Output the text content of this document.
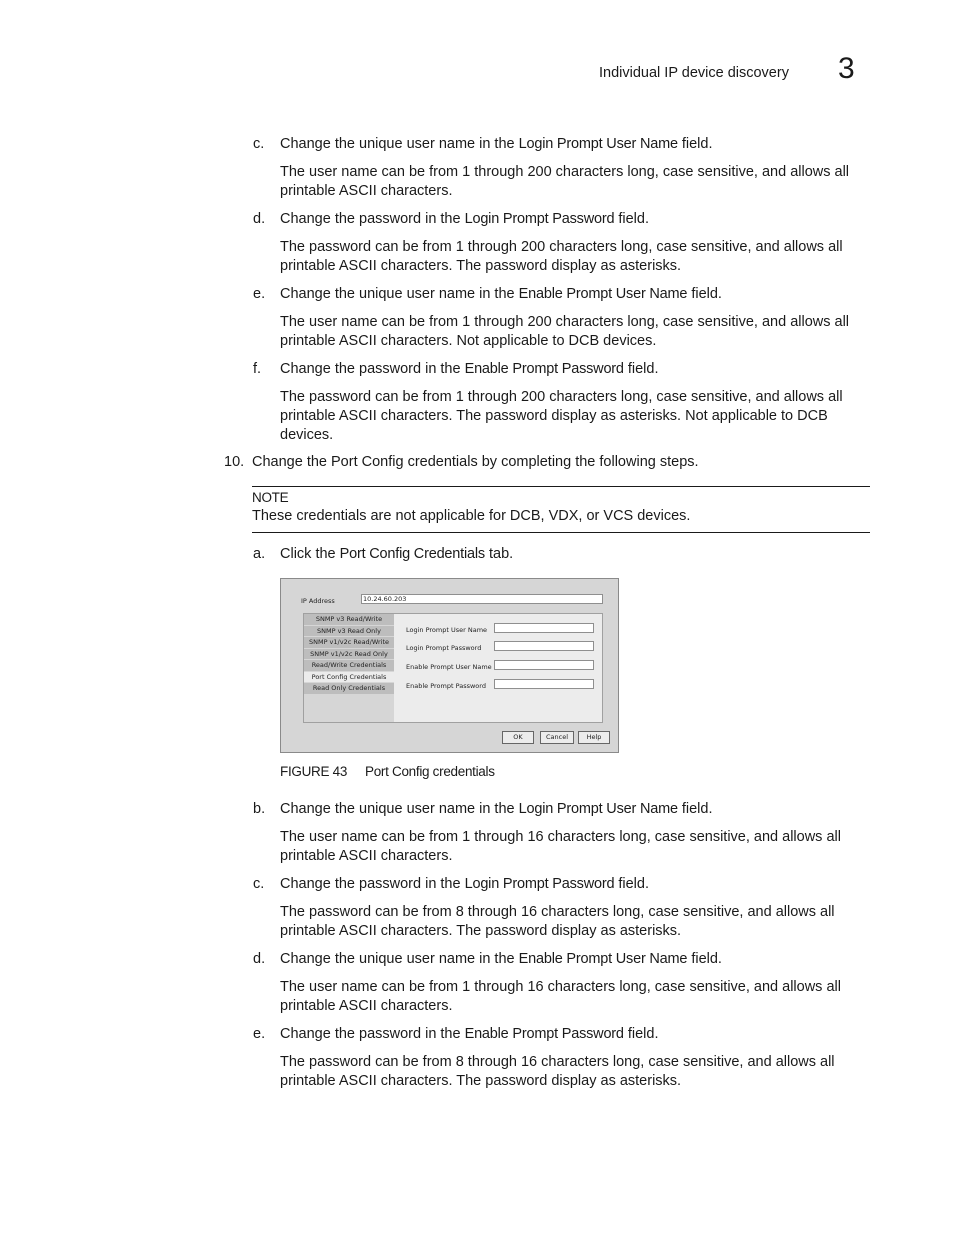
Individual IP device discovery 3
c. Change the unique user name in the Login Prompt User Name field.
The user name can be from 1 through 200 characters long, case sensitive, and allows all printable ASCII characters.
d. Change the password in the Login Prompt Password field.
The password can be from 1 through 200 characters long, case sensitive, and allows all printable ASCII characters. The password display as asterisks.
e. Change the unique user name in the Enable Prompt User Name field.
The user name can be from 1 through 200 characters long, case sensitive, and allows all printable ASCII characters. Not applicable to DCB devices.
f. Change the password in the Enable Prompt Password field.
The password can be from 1 through 200 characters long, case sensitive, and allows all printable ASCII characters. The password display as asterisks. Not applicable to DCB devices.
10. Change the Port Config credentials by completing the following steps.
NOTE
These credentials are not applicable for DCB, VDX, or VCS devices.
a. Click the Port Config Credentials tab.
IP Address	10.24.60.203
SNMP v3 Read/Write
SNMP v3 Read Only
SNMP v1/v2c Read/Write
SNMP v1/v2c Read Only
Read/Write Credentials
Port Config Credentials
Read Only Credentials
Login Prompt User Name
Login Prompt Password
Enable Prompt User Name
Enable Prompt Password
OK	Cancel	Help
FIGURE 43 Port Config credentials
b. Change the unique user name in the Login Prompt User Name field.
The user name can be from 1 through 16 characters long, case sensitive, and allows all printable ASCII characters.
c. Change the password in the Login Prompt Password field.
The password can be from 8 through 16 characters long, case sensitive, and allows all printable ASCII characters. The password display as asterisks.
d. Change the unique user name in the Enable Prompt User Name field.
The user name can be from 1 through 16 characters long, case sensitive, and allows all printable ASCII characters.
e. Change the password in the Enable Prompt Password field.
The password can be from 8 through 16 characters long, case sensitive, and allows all printable ASCII characters. The password display as asterisks.
